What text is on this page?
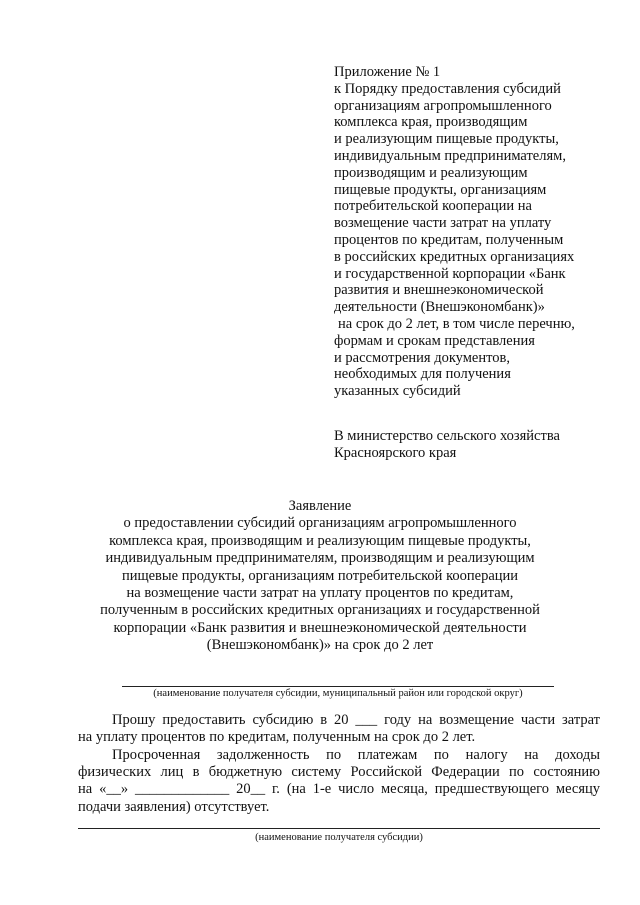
Приложение № 1
к Порядку предоставления субсидий
организациям агропромышленного
комплекса края, производящим
и реализующим пищевые продукты,
индивидуальным предпринимателям,
производящим и реализующим
пищевые продукты, организациям
потребительской кооперации на
возмещение части затрат на уплату
процентов по кредитам, полученным
в российских кредитных организациях
и государственной корпорации «Банк
развития и внешнеэкономической
деятельности (Внешэкономбанк)»
на срок до 2 лет, в том числе перечню,
формам и срокам представления
и рассмотрения документов,
необходимых для получения
указанных субсидий
В министерство сельского хозяйства
Красноярского края
Заявление
о предоставлении субсидий организациям агропромышленного
комплекса края, производящим и реализующим пищевые продукты,
индивидуальным предпринимателям, производящим и реализующим
пищевые продукты, организациям потребительской кооперации
на возмещение части затрат на уплату процентов по кредитам,
полученным в российских кредитных организациях и государственной
корпорации «Банк развития и внешнеэкономической деятельности
(Внешэкономбанк)» на срок до 2 лет
(наименование получателя субсидии, муниципальный район или городской округ)
Прошу предоставить субсидию в 20 ___ году на возмещение части затрат
на уплату процентов по кредитам, полученным на срок до 2 лет.
Просроченная задолженность по платежам по налогу на доходы
физических лиц в бюджетную систему Российской Федерации по состоянию
на «__» _____________ 20__ г. (на 1-е число месяца, предшествующего месяцу
подачи заявления) отсутствует.
(наименование получателя субсидии)
